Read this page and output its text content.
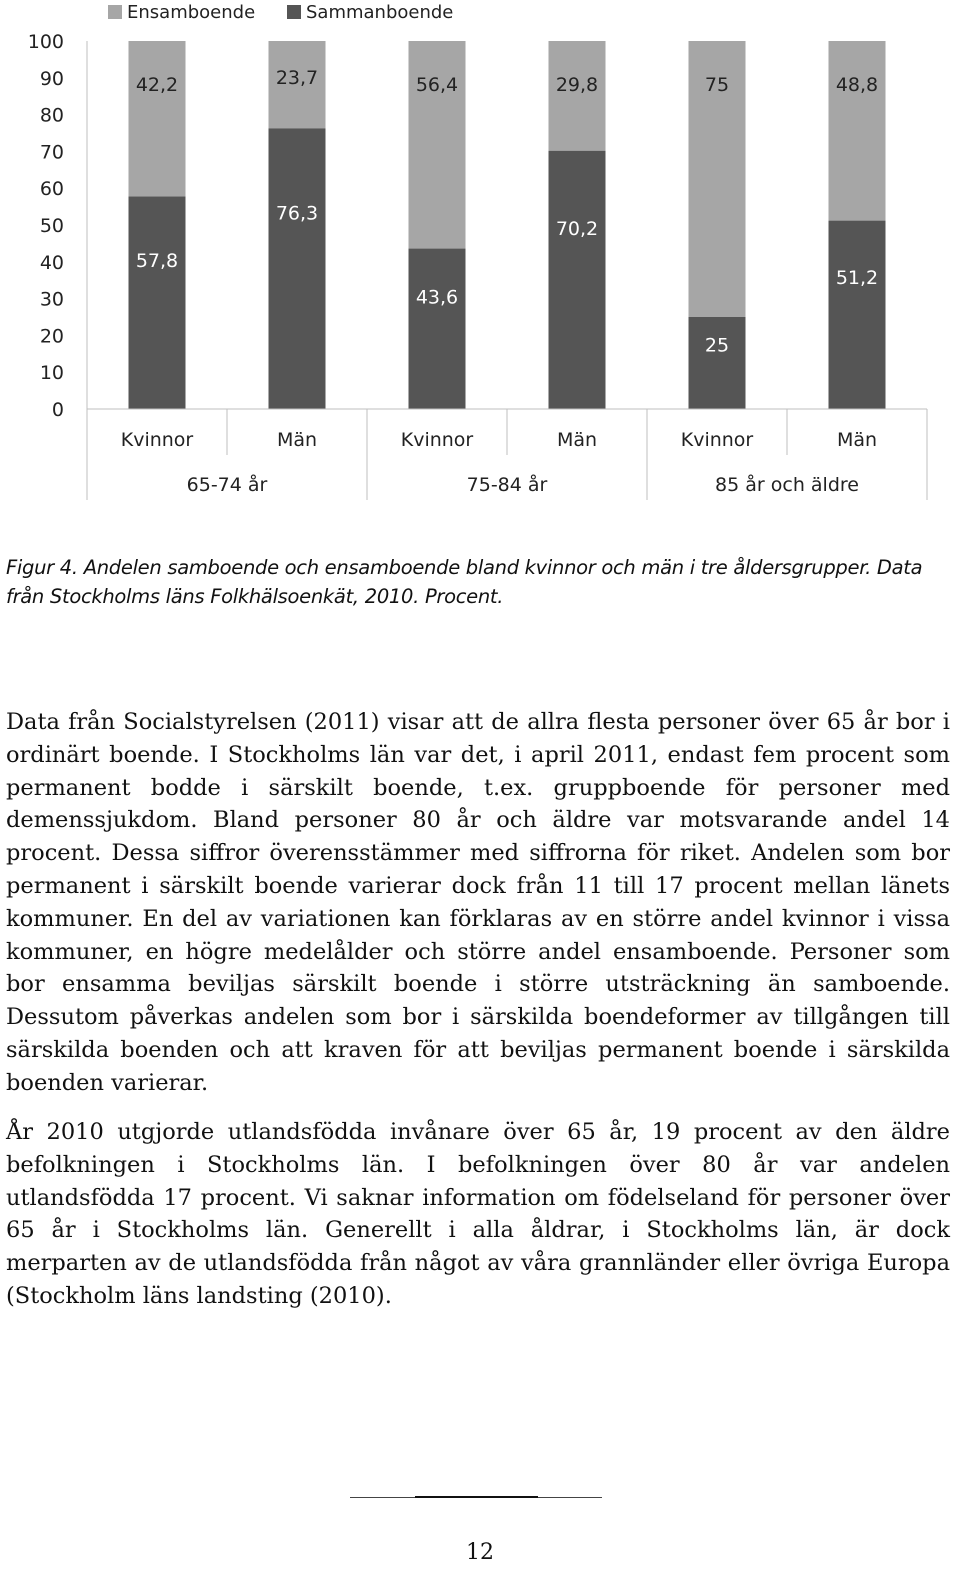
Ensamboende	Sammanboende
0
10
20
30
40
50
60
70
80
90
100
57,8
42,2
76,3
23,7
43,6
56,4
70,2
29,8
25
75
51,2
48,8
Kvinnor	Män	Kvinnor	Män	Kvinnor	Män
65-74 år	75-84 år	85 år och äldre
Figur 4. Andelen samboende och ensamboende bland kvinnor och män i tre åldersgrupper. Data från Stockholms läns Folkhälsoenkät, 2010. Procent.

Data från Socialstyrelsen (2011) visar att de allra flesta personer över 65 år bor i ordinärt boende. I Stockholms län var det, i april 2011, endast fem procent som permanent bodde i särskilt boende, t.ex. gruppboende för personer med demenssjukdom. Bland personer 80 år och äldre var motsvarande andel 14 procent. Dessa siffror överensstämmer med siffrorna för riket. Andelen som bor permanent i särskilt boende varierar dock från 11 till 17 procent mellan länets kommuner. En del av variationen kan förklaras av en större andel kvinnor i vissa kommuner, en högre medelålder och större andel ensamboende. Personer som bor ensamma beviljas särskilt boende i större utsträckning än samboende. Dessutom påverkas andelen som bor i särskilda boendeformer av tillgången till särskilda boenden och att kraven för att beviljas permanent boende i särskilda boenden varierar.

År 2010 utgjorde utlandsfödda invånare över 65 år, 19 procent av den äldre befolkningen i Stockholms län. I befolkningen över 80 år var andelen utlandsfödda 17 procent. Vi saknar information om födelseland för personer över 65 år i Stockholms län. Generellt i alla åldrar, i Stockholms län, är dock merparten av de utlandsfödda från något av våra grannländer eller övriga Europa (Stockholm läns landsting (2010).

12
